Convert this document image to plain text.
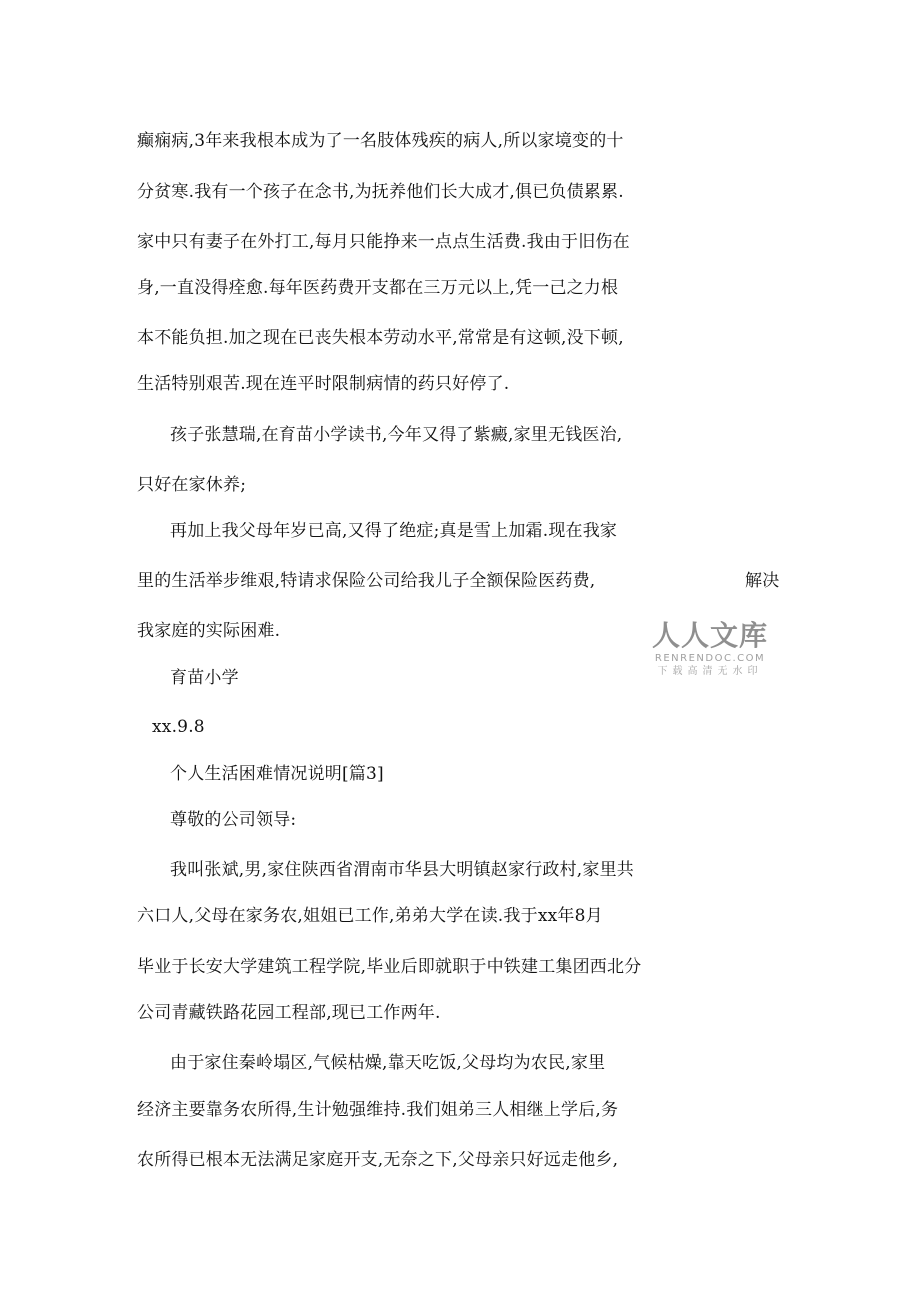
癫痫病,3年来我根本成为了一名肢体残疾的病人,所以家境变的十
分贫寒.我有一个孩子在念书,为抚养他们长大成才,俱已负债累累.
家中只有妻子在外打工,每月只能挣来一点点生活费.我由于旧伤在
身,一直没得痊愈.每年医药费开支都在三万元以上,凭一己之力根
本不能负担.加之现在已丧失根本劳动水平,常常是有这顿,没下顿,
生活特别艰苦.现在连平时限制病情的药只好停了.
孩子张慧瑞,在育苗小学读书,今年又得了紫癜,家里无钱医治,
只好在家休养;
再加上我父母年岁已高,又得了绝症;真是雪上加霜.现在我家
里的生活举步维艰,特请求保险公司给我儿子全额保险医药费,	解决
我家庭的实际困难.
育苗小学
xx.9.8
个人生活困难情况说明[篇3]
尊敬的公司领导:
我叫张斌,男,家住陕西省渭南市华县大明镇赵家行政村,家里共
六口人,父母在家务农,姐姐已工作,弟弟大学在读.我于xx年8月
毕业于长安大学建筑工程学院,毕业后即就职于中铁建工集团西北分
公司青藏铁路花园工程部,现已工作两年.
由于家住秦岭塌区,气候枯燥,靠天吃饭,父母均为农民,家里
经济主要靠务农所得,生计勉强维持.我们姐弟三人相继上学后,务
农所得已根本无法满足家庭开支,无奈之下,父母亲只好远走他乡,
人人文库
RENRENDOC.COM
下载高清无水印
